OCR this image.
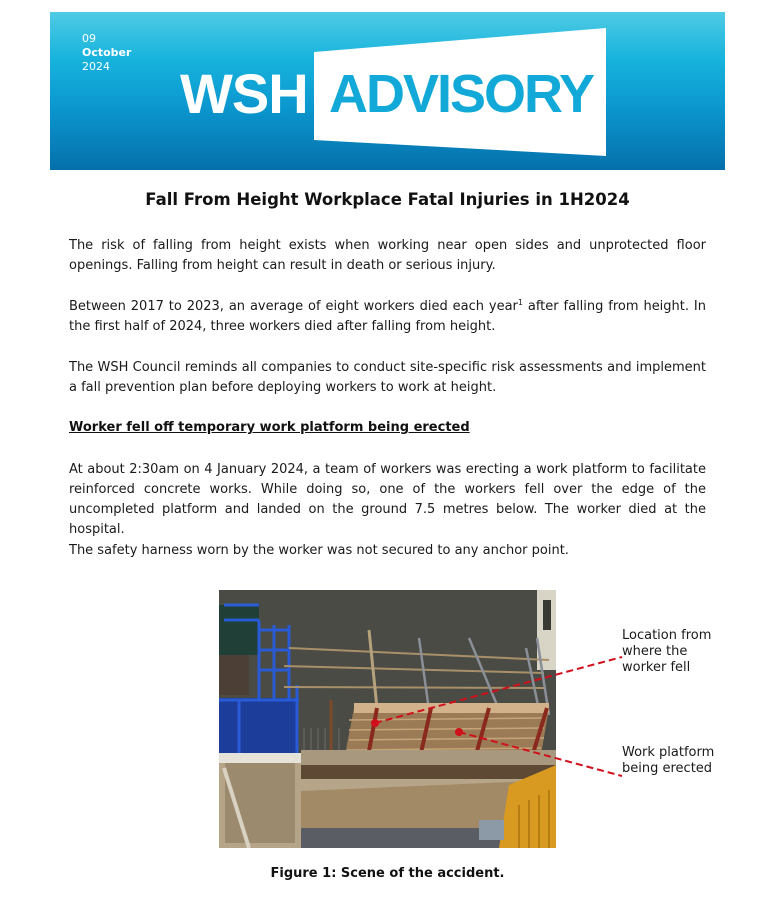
09
October
2024	WSH ADVISORY
Fall From Height Workplace Fatal Injuries in 1H2024

The risk of falling from height exists when working near open sides and unprotected floor openings. Falling from height can result in death or serious injury.

Between 2017 to 2023, an average of eight workers died each year$^1$ after falling from height. In the first half of 2024, three workers died after falling from height.

The WSH Council reminds all companies to conduct site-specific risk assessments and implement a fall prevention plan before deploying workers to work at height.

Worker fell off temporary work platform being erected

At about 2:30am on 4 January 2024, a team of workers was erecting a work platform to facilitate reinforced concrete works. While doing so, one of the workers fell over the edge of the uncompleted platform and landed on the ground 7.5 metres below. The worker died at the hospital.

The safety harness worn by the worker was not secured to any anchor point.

Location from where the worker fell
Work platform being erected
Figure 1: Scene of the accident.
